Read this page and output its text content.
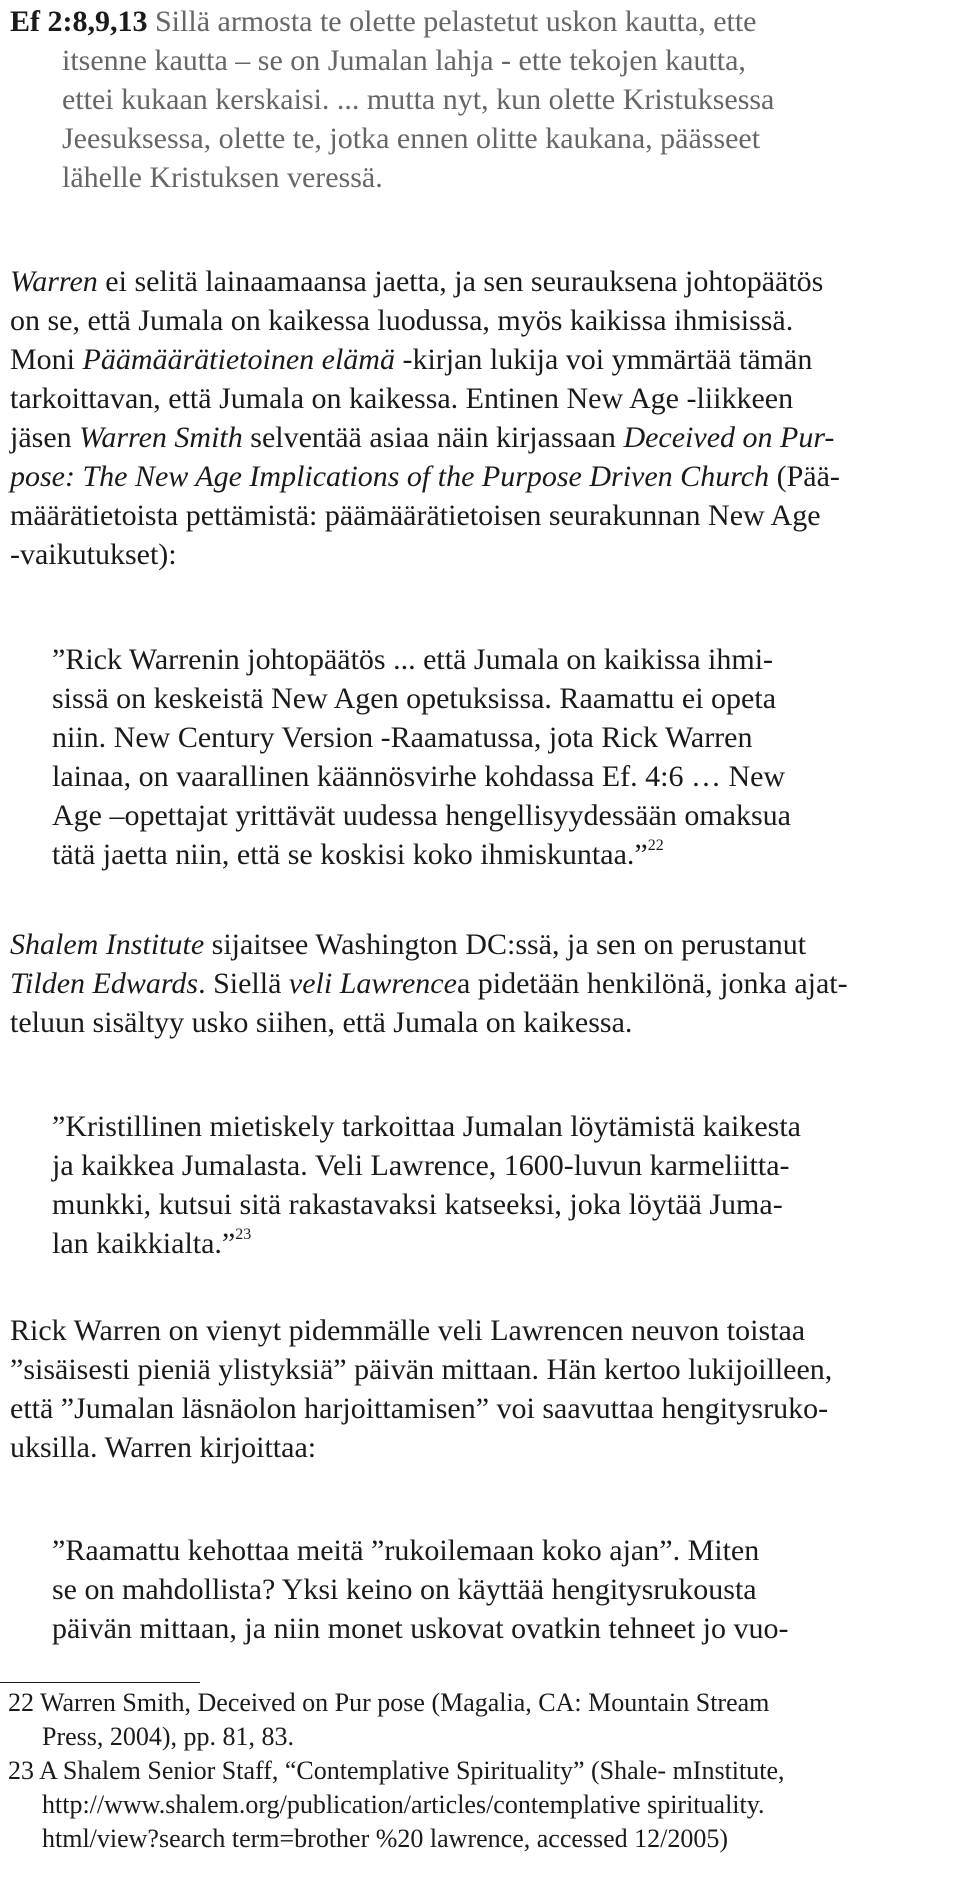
Ef 2:8,9,13 Sillä armosta te olette pelastetut uskon kautta, ette
itsenne kautta – se on Jumalan lahja - ette tekojen kautta,
ettei kukaan kerskaisi. ... mutta nyt, kun olette Kristuksessa
Jeesuksessa, olette te, jotka ennen olitte kaukana, päässeet
lähelle Kristuksen veressä.
Warren ei selitä lainaamaansa jaetta, ja sen seurauksena johtopäätös
on se, että Jumala on kaikessa luodussa, myös kaikissa ihmisissä.
Moni Päämäärätietoinen elämä -kirjan lukija voi ymmärtää tämän
tarkoittavan, että Jumala on kaikessa. Entinen New Age -liikkeen
jäsen Warren Smith selventää asiaa näin kirjassaan Deceived on Pur-
pose: The New Age Implications of the Purpose Driven Church (Pää-
määrätietoista pettämistä: päämäärätietoisen seurakunnan New Age
-vaikutukset):
”Rick Warrenin johtopäätös ... että Jumala on kaikissa ihmi-
sissä on keskeistä New Agen opetuksissa. Raamattu ei opeta
niin. New Century Version -Raamatussa, jota Rick Warren
lainaa, on vaarallinen käännösvirhe kohdassa Ef. 4:6 … New
Age –opettajat yrittävät uudessa hengellisyydessään omaksua
tätä jaetta niin, että se koskisi koko ihmiskuntaa.”$^{22}$
Shalem Institute sijaitsee Washington DC:ssä, ja sen on perustanut
Tilden Edwards. Siellä veli Lawrencea pidetään henkilönä, jonka ajat-
teluun sisältyy usko siihen, että Jumala on kaikessa.
”Kristillinen mietiskely tarkoittaa Jumalan löytämistä kaikesta
ja kaikkea Jumalasta. Veli Lawrence, 1600-luvun karmeliitta-
munkki, kutsui sitä rakastavaksi katseeksi, joka löytää Juma-
lan kaikkialta.”$^{23}$
Rick Warren on vienyt pidemmälle veli Lawrencen neuvon toistaa
”sisäisesti pieniä ylistyksiä” päivän mittaan. Hän kertoo lukijoilleen,
että ”Jumalan läsnäolon harjoittamisen” voi saavuttaa hengitysruko-
uksilla. Warren kirjoittaa:
”Raamattu kehottaa meitä ”rukoilemaan koko ajan”. Miten
se on mahdollista? Yksi keino on käyttää hengitysrukousta
päivän mittaan, ja niin monet uskovat ovatkin tehneet jo vuo-
22 Warren Smith, Deceived on Pur pose (Magalia, CA: Mountain Stream
Press, 2004), pp. 81, 83.
23 A Shalem Senior Staff, “Contemplative Spirituality” (Shale- mInstitute,
http://www.shalem.org/publication/articles/contemplative spirituality.
html/view?search term=brother %20 lawrence, accessed 12/2005)
